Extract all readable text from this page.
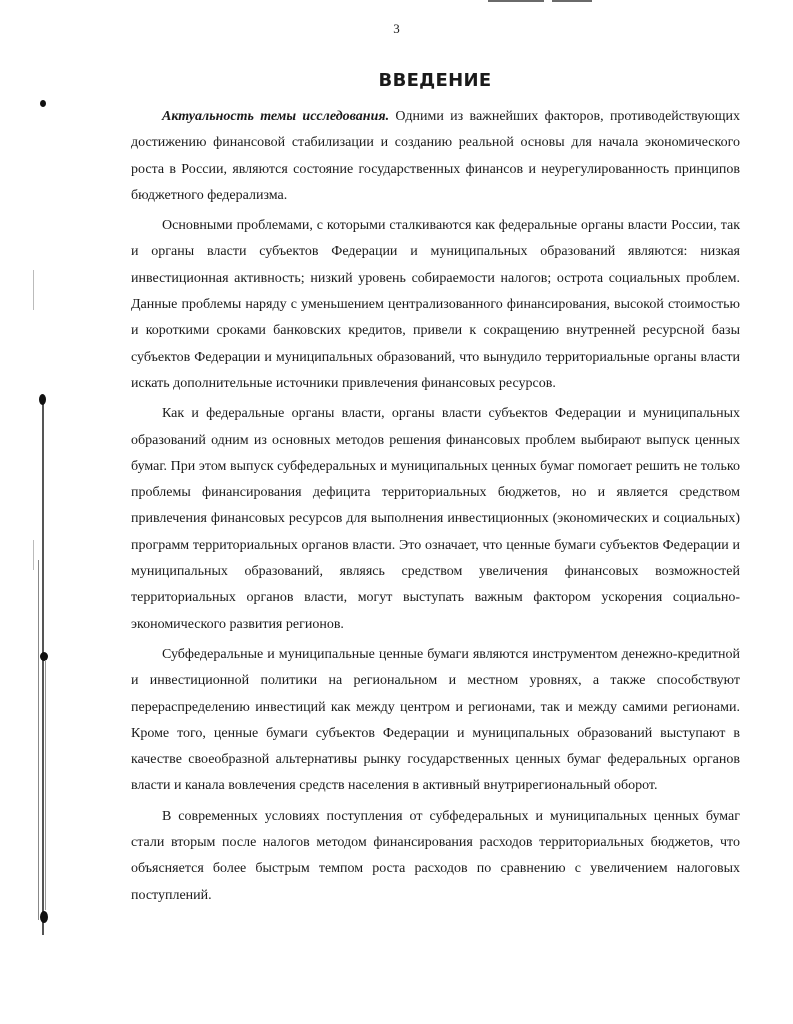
3
ВВЕДЕНИЕ

Актуальность темы исследования. Одними из важнейших факторов, противодействующих достижению финансовой стабилизации и созданию реальной основы для начала экономического роста в России, являются состояние государственных финансов и неурегулированность принципов бюджетного федерализма.

Основными проблемами, с которыми сталкиваются как федеральные органы власти России, так и органы власти субъектов Федерации и муниципальных образований являются: низкая инвестиционная активность; низкий уровень собираемости налогов; острота социальных проблем. Данные проблемы наряду с уменьшением централизованного финансирования, высокой стоимостью и короткими сроками банковских кредитов, привели к сокращению внутренней ресурсной базы субъектов Федерации и муниципальных образований, что вынудило территориальные органы власти искать дополнительные источники привлечения финансовых ресурсов.

Как и федеральные органы власти, органы власти субъектов Федерации и муниципальных образований одним из основных методов решения финансовых проблем выбирают выпуск ценных бумаг. При этом выпуск субфедеральных и муниципальных ценных бумаг помогает решить не только проблемы финансирования дефицита территориальных бюджетов, но и является средством привлечения финансовых ресурсов для выполнения инвестиционных (экономических и социальных) программ территориальных органов власти. Это означает, что ценные бумаги субъектов Федерации и муниципальных образований, являясь средством увеличения финансовых возможностей территориальных органов власти, могут выступать важным фактором ускорения социально-экономического развития регионов.

Субфедеральные и муниципальные ценные бумаги являются инструментом денежно-кредитной и инвестиционной политики на региональном и местном уровнях, а также способствуют перераспределению инвестиций как между центром и регионами, так и между самими регионами. Кроме того, ценные бумаги субъектов Федерации и муниципальных образований выступают в качестве своеобразной альтернативы рынку государственных ценных бумаг федеральных органов власти и канала вовлечения средств населения в активный внутрирегиональный оборот.

В современных условиях поступления от субфедеральных и муниципальных ценных бумаг стали вторым после налогов методом финансирования расходов территориальных бюджетов, что объясняется более быстрым темпом роста расходов по сравнению с увеличением налоговых поступлений.
